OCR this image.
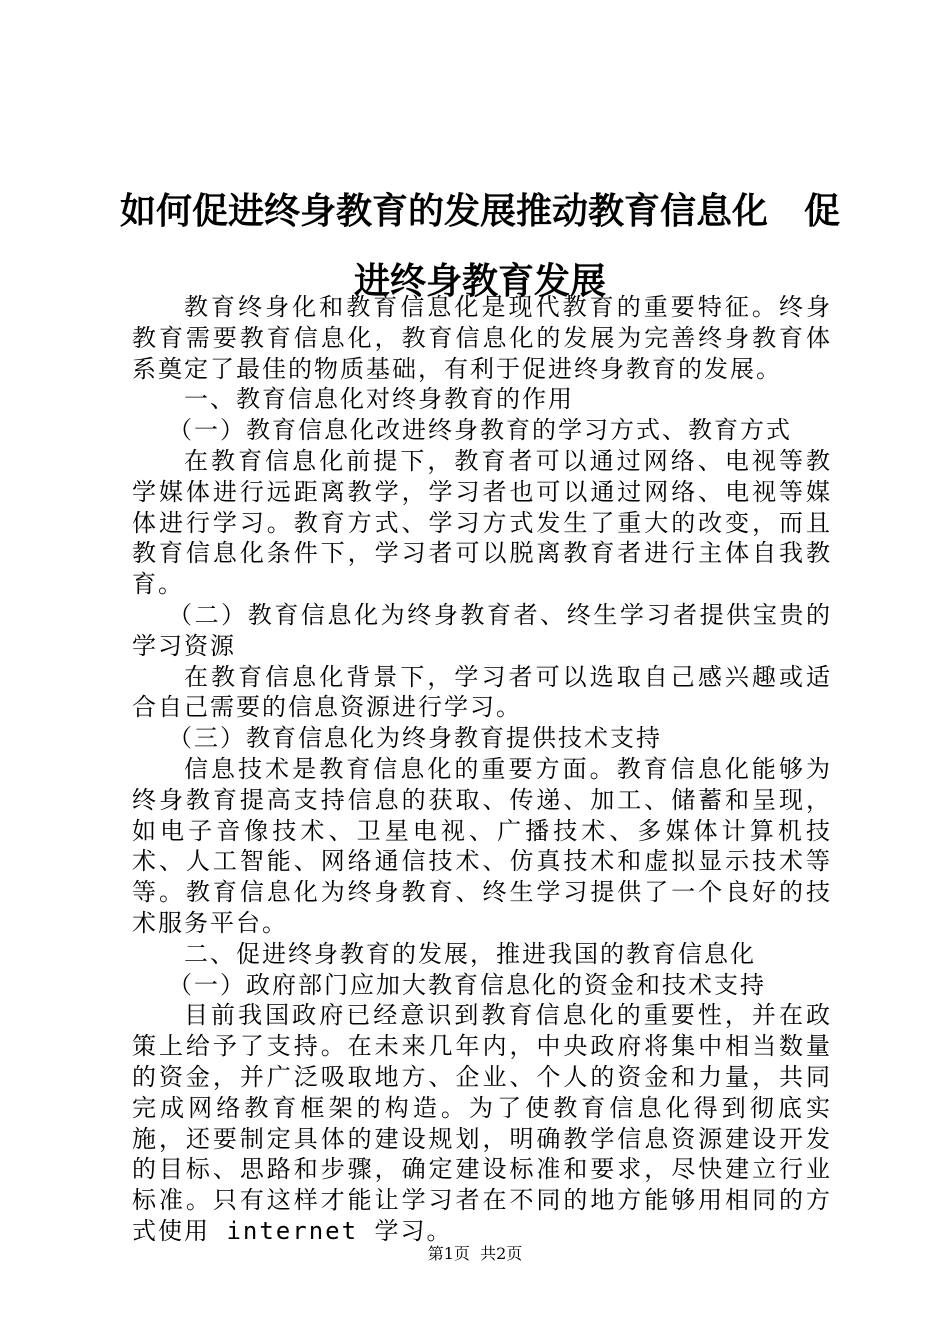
如何促进终身教育的发展推动教育信息化　促
进终身教育发展

教育终身化和教育信息化是现代教育的重要特征。终身教育需要教育信息化，教育信息化的发展为完善终身教育体系奠定了最佳的物质基础，有利于促进终身教育的发展。

一、教育信息化对终身教育的作用

（一）教育信息化改进终身教育的学习方式、教育方式

在教育信息化前提下，教育者可以通过网络、电视等教学媒体进行远距离教学，学习者也可以通过网络、电视等媒体进行学习。教育方式、学习方式发生了重大的改变，而且教育信息化条件下，学习者可以脱离教育者进行主体自我教育。

（二）教育信息化为终身教育者、终生学习者提供宝贵的学习资源

在教育信息化背景下，学习者可以选取自己感兴趣或适合自己需要的信息资源进行学习。

（三）教育信息化为终身教育提供技术支持

信息技术是教育信息化的重要方面。教育信息化能够为终身教育提高支持信息的获取、传递、加工、储蓄和呈现，如电子音像技术、卫星电视、广播技术、多媒体计算机技术、人工智能、网络通信技术、仿真技术和虚拟显示技术等等。教育信息化为终身教育、终生学习提供了一个良好的技术服务平台。

二、促进终身教育的发展，推进我国的教育信息化

（一）政府部门应加大教育信息化的资金和技术支持

目前我国政府已经意识到教育信息化的重要性，并在政策上给予了支持。在未来几年内，中央政府将集中相当数量的资金，并广泛吸取地方、企业、个人的资金和力量，共同完成网络教育框架的构造。为了使教育信息化得到彻底实施，还要制定具体的建设规划，明确教学信息资源建设开发的目标、思路和步骤，确定建设标准和要求，尽快建立行业标准。只有这样才能让学习者在不同的地方能够用相同的方式使用 internet 学习。

第1页  共2页
